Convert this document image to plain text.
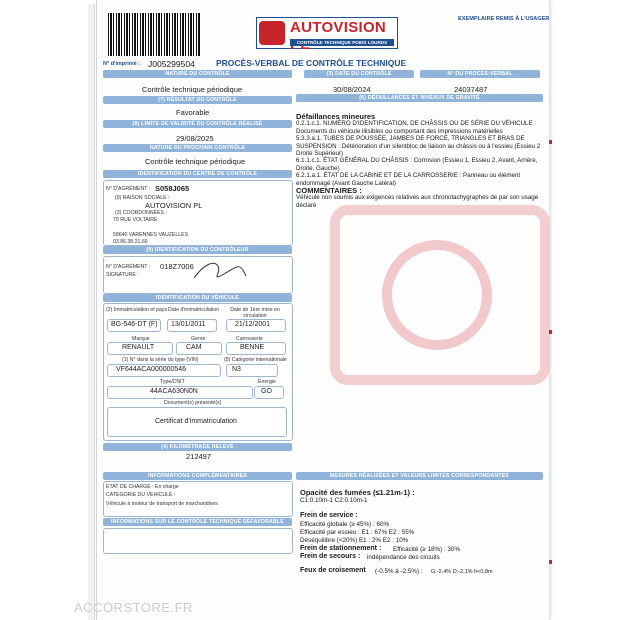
AUTOVISION
CONTRÔLE TECHNIQUE POIDS LOURDS
EXEMPLAIRE REMIS À L'USAGER
N° d'imprimé : J005299504 PROCÈS-VERBAL DE CONTRÔLE TECHNIQUE
NATURE DU CONTRÔLE
Contrôle technique périodique
(3) DATE DU CONTRÔLE
30/08/2024
N° DU PROCÈS-VERBAL
24037487
(7) RÉSULTAT DU CONTRÔLE
Favorable
(8) LIMITE DE VALIDITÉ DU CONTRÔLE RÉALISÉ
29/08/2025
NATURE DU PROCHAIN CONTRÔLE
Contrôle technique périodique
IDENTIFICATION DU CENTRE DE CONTRÔLE
N° D'AGRÉMENT : S058J065
(9) RAISON SOCIALE :
AUTOVISION PL
(3) COORDONNÉES :
70 RUE VOLTAIRE
58640 VARENNES VAUZELLES
03.86.38.21.66
(9) IDENTIFICATION DU CONTRÔLEUR
N° D'AGRÉMENT : 018Z7006
SIGNATURE :
IDENTIFICATION DU VÉHICULE
(2) Immatriculation et pays
BG-546-DT (F)
Date d'immatriculation
13/01/2011
Date de 1ère mise en circulation
21/12/2001
Marque
RENAULT
Genre
CAM
Carrosserie
BENNE
(1) N° dans la série du type (VIN)
VF644ACA000000546
(5) Catégorie internationale
N3
Type/CNIT
44ACA630N0N
Énergie
GO
Document(s) présenté(s)
Certificat d'immatriculation
(4) KILOMÉTRAGE RELEVÉ
212497
INFORMATIONS COMPLÉMENTAIRES
ETAT DE CHARGE : En charge
CATEGORIE DU VEHICULE :
Véhicule à moteur de transport de marchandises
INFORMATIONS SUR LE CONTRÔLE TECHNIQUE DÉFAVORABLE
(6) DÉFAILLANCES ET NIVEAUX DE GRAVITÉ
Défaillances mineures
0.2.1.c.1. NUMÉRO D'IDENTIFICATION, DE CHÂSSIS OU DE SÉRIE DU VÉHICULE :
Documents du véhicule illisibles ou comportant des impressions matérielles
5.3.3.a.1. TUBES DE POUSSÉE, JAMBES DE FORCE, TRIANGLES ET BRAS DE
SUSPENSION : Détérioration d'un silentbloc de liaison au châssis ou à l'essieu (Essieu 2
Droite Supérieur)
6.1.1.c.1. ÉTAT GÉNÉRAL DU CHÂSSIS : Corrosion (Essieu 1, Essieu 2, Avant, Arrière,
Droite, Gauche)
6.2.1.a.1. ÉTAT DE LA CABINE ET DE LA CARROSSERIE : Panneau ou élément
endommagé (Avant Gauche Latéral)
COMMENTAIRES :
Véhicule non soumis aux exigences relatives aux chronotachygraphes de par son usage
déclaré
MESURES RÉALISÉES ET VALEURS LIMITES CORRESPONDANTES
Opacité des fumées (≤1.21m-1) :
C1:0.10m-1 C2:0.10m-1
Frein de service :
Efficacité globale (≥ 45%) : 60%
Efficacité par essieu : E1 : 67% E2 : 55%
Déséquilibre (<20%) E1 : 2% E2 : 10%
Frein de stationnement : Efficacité (≥ 18%) : 30%
Frein de secours : indépendance des circuits
Feux de croisement (-0.5% à -2.5%) : G:-2,4% D:-2,1% h<0,8m
ACCORSTORE.FR
